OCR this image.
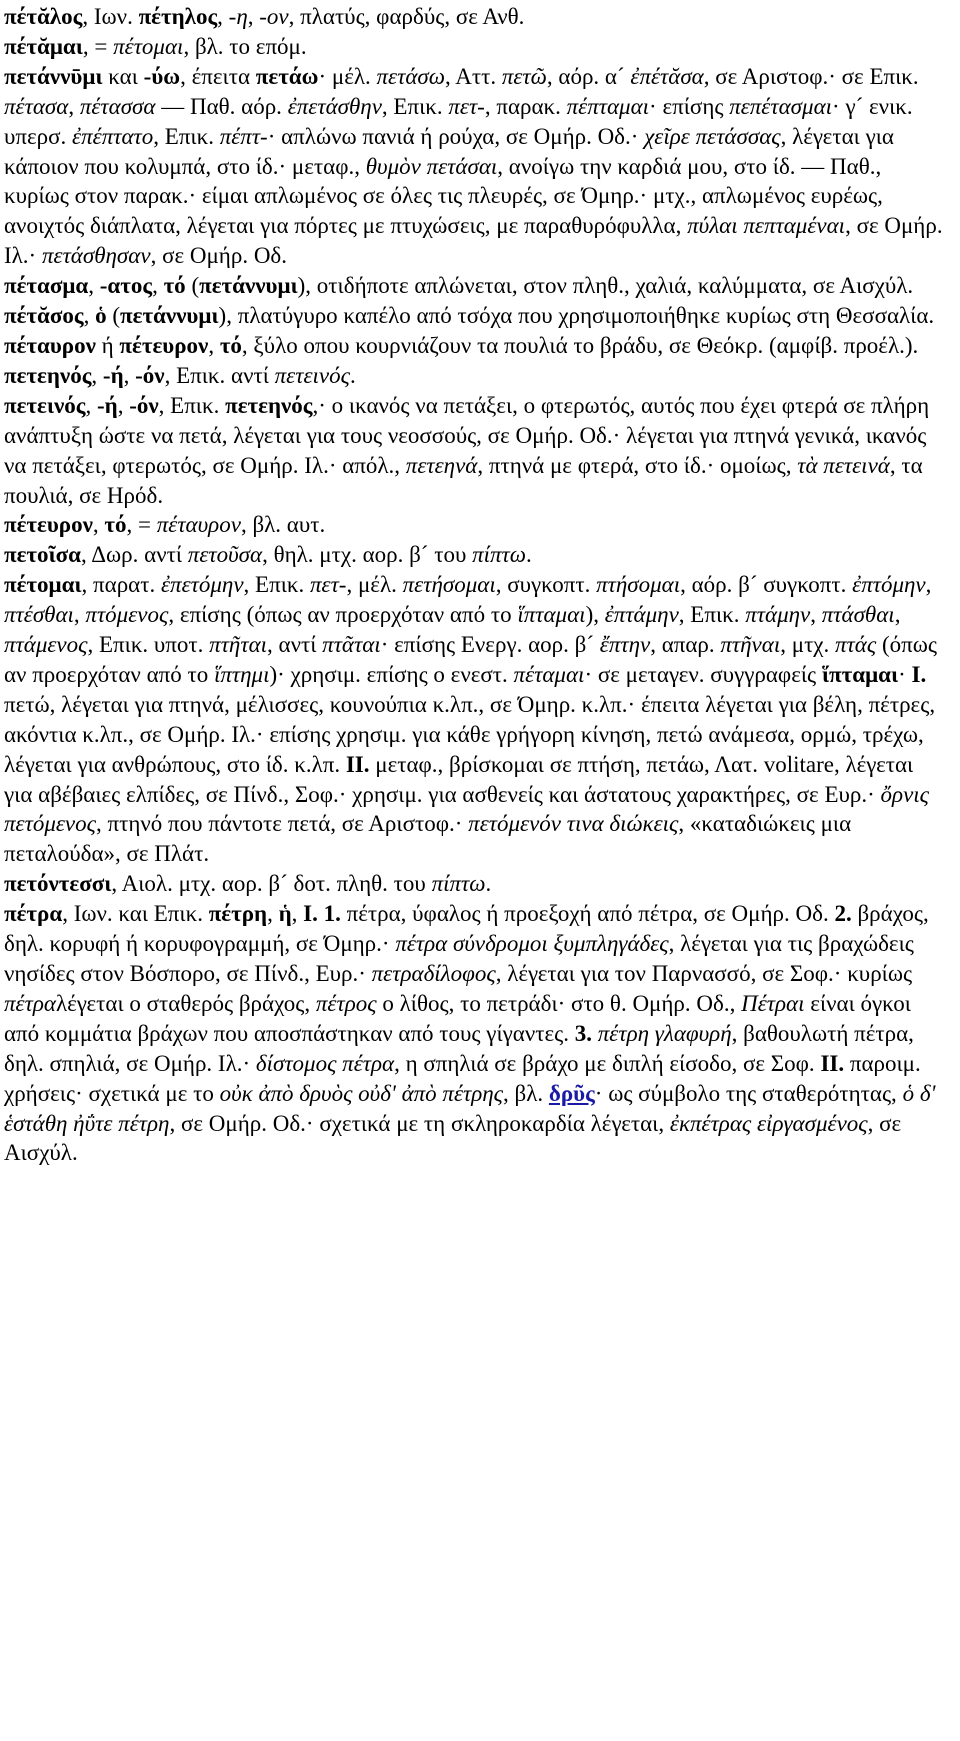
πέτᾰλος, Ιων. πέτηλος, -η, -ον, πλατύς, φαρδύς, σε Ανθ.

πέτᾰμαι, = πέτομαι, βλ. το επόμ.

πετάννῡμι και -ύω, έπειτα πετάω· μέλ. πετάσω, Αττ. πετῶ, αόρ. α´ ἐπέτᾰσα, σε Αριστοφ.· σε Επικ. πέτασα, πέτασσα — Παθ. αόρ. ἐπετάσθην, Επικ. πετ-, παρακ. πέπταμαι· επίσης πεπέτασμαι· γ´ ενικ. υπερσ. ἐπέπτατο, Επικ. πέπτ-· απλώνω πανιά ή ρούχα, σε Ομήρ. Οδ.· χεῖρε πετάσσας, λέγεται για κάποιον που κολυμπά, στο ίδ.· μεταφ., θυμὸν πετάσαι, ανοίγω την καρδιά μου, στο ίδ. — Παθ., κυρίως στον παρακ.· είμαι απλωμένος σε όλες τις πλευρές, σε Όμηρ.· μτχ., απλωμένος ευρέως, ανοιχτός διάπλατα, λέγεται για πόρτες με πτυχώσεις, με παραθυρόφυλλα, πύλαι πεπταμέναι, σε Ομήρ. Ιλ.· πετάσθησαν, σε Ομήρ. Οδ.

πέτασμα, -ατος, τό (πετάννυμι), οτιδήποτε απλώνεται, στον πληθ., χαλιά, καλύμματα, σε Αισχύλ.

πέτᾰσος, ὁ (πετάννυμι), πλατύγυρο καπέλο από τσόχα που χρησιμοποιήθηκε κυρίως στη Θεσσαλία.

πέταυρον ή πέτευρον, τό, ξύλο οπου κουρνιάζουν τα πουλιά το βράδυ, σε Θεόκρ. (αμφίβ. προέλ.).

πετεηνός, -ή, -όν, Επικ. αντί πετεινός.

πετεινός, -ή, -όν, Επικ. πετεηνός,· ο ικανός να πετάξει, ο φτερωτός, αυτός που έχει φτερά σε πλήρη ανάπτυξη ώστε να πετά, λέγεται για τους νεοσσούς, σε Ομήρ. Οδ.· λέγεται για πτηνά γενικά, ικανός να πετάξει, φτερωτός, σε Ομήρ. Ιλ.· απόλ., πετεηνά, πτηνά με φτερά, στο ίδ.· ομοίως, τὰ πετεινά, τα πουλιά, σε Ηρόδ.

πέτευρον, τό, = πέταυρον, βλ. αυτ.

πετοῖσα, Δωρ. αντί πετοῦσα, θηλ. μτχ. αορ. β´ του πίπτω.

πέτομαι, παρατ. ἐπετόμην, Επικ. πετ-, μέλ. πετήσομαι, συγκοπτ. πτήσομαι, αόρ. β´ συγκοπτ. ἐπτόμην, πτέσθαι, πτόμενος, επίσης (όπως αν προερχόταν από το ἵπταμαι), ἐπτάμην, Επικ. πτάμην, πτάσθαι, πτάμενος, Επικ. υποτ. πτῆται, αντί πτᾶται· επίσης Ενεργ. αορ. β´ ἔπτην, απαρ. πτῆναι, μτχ. πτάς (όπως αν προερχόταν από το ἵπτημι)· χρησιμ. επίσης ο ενεστ. πέταμαι· σε μεταγεν. συγγραφείς ἵπταμαι· I. πετώ, λέγεται για πτηνά, μέλισσες, κουνούπια κ.λπ., σε Όμηρ. κ.λπ.· έπειτα λέγεται για βέλη, πέτρες, ακόντια κ.λπ., σε Ομήρ. Ιλ.· επίσης χρησιμ. για κάθε γρήγορη κίνηση, πετώ ανάμεσα, ορμώ, τρέχω, λέγεται για ανθρώπους, στο ίδ. κ.λπ. II. μεταφ., βρίσκομαι σε πτήση, πετάω, Λατ. volitare, λέγεται για αβέβαιες ελπίδες, σε Πίνδ., Σοφ.· χρησιμ. για ασθενείς και άστατους χαρακτήρες, σε Ευρ.· ὄρνις πετόμενος, πτηνό που πάντοτε πετά, σε Αριστοφ.· πετόμενόν τινα διώκεις, «καταδιώκεις μια πεταλούδα», σε Πλάτ.

πετόντεσσι, Αιολ. μτχ. αορ. β´ δοτ. πληθ. του πίπτω.

πέτρα, Ιων. και Επικ. πέτρη, ἡ, I. 1. πέτρα, ύφαλος ή προεξοχή από πέτρα, σε Ομήρ. Οδ. 2. βράχος, δηλ. κορυφή ή κορυφογραμμή, σε Όμηρ.· πέτρα σύνδρομοι ξυμπληγάδες, λέγεται για τις βραχώδεις νησίδες στον Βόσπορο, σε Πίνδ., Ευρ.· πετραδίλοφος, λέγεται για τον Παρνασσό, σε Σοφ.· κυρίως πέτραλέγεται ο σταθερός βράχος, πέτρος ο λίθος, το πετράδι· στο θ. Ομήρ. Οδ., Πέτραι είναι όγκοι από κομμάτια βράχων που αποσπάστηκαν από τους γίγαντες. 3. πέτρη γλαφυρή, βαθουλωτή πέτρα, δηλ. σπηλιά, σε Ομήρ. Ιλ.· δίστομος πέτρα, η σπηλιά σε βράχο με διπλή είσοδο, σε Σοφ. II. παροιμ. χρήσεις· σχετικά με το οὐκ ἀπὸ δρυὸς οὐδ' ἀπὸ πέτρης, βλ. δρῦς· ως σύμβολο της σταθερότητας, ὁ δ' ἑστάθη ἠΰτε πέτρη, σε Ομήρ. Οδ.· σχετικά με τη σκληροκαρδία λέγεται, ἐκπέτρας εἰργασμένος, σε Αισχύλ.
